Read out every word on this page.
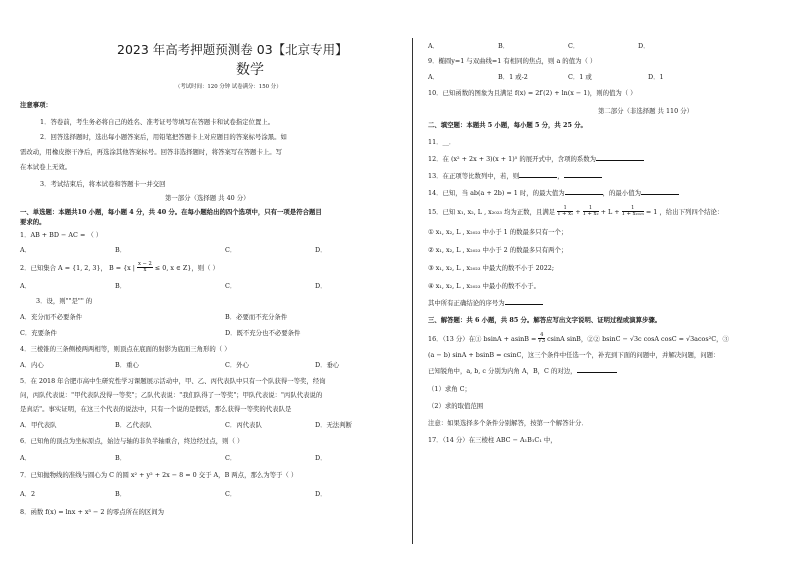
2023 年高考押题预测卷 03【北京专用】
数学
（考试时间：120 分钟 试卷满分：150 分）
注意事项：
1．答卷前，考生务必将自己的姓名、准考证号等填写在答题卡和试卷指定位置上。
2．回答选择题时，选出每小题答案后，用铅笔把答题卡上对应题目的答案标号涂黑。如
需改动，用橡皮擦干净后，再选涂其他答案标号。回答非选择题时，将答案写在答题卡上。写
在本试卷上无效。
3．考试结束后，将本试卷和答题卡一并交回
第一部分（选择题 共 40 分）
一、单选题：本题共10 小题，每小题 4 分，共 40 分。在每小题给出的四个选项中，只有一项是符合题目
要求的。
1．AB + BD − AC = （ ）
A．	B．	C．	D．
2．已知集合 A = {1, 2, 3}， B = {x | $\frac{x - 2}{x} \le 0$, x ∈ Z}，则（ ）
A．	B．	C．	D．
3．设，则""是"" 的
A．充分而不必要条件	B．必要而不充分条件
C．充要条件	D．既不充分也不必要条件
4．三棱锥的三条侧棱两两相等，则顶点在底面的射影为底面三角形的（ ）
A．内心	B．重心	C．外心	D．垂心
5．在 2018 年合肥市高中生研究性学习课题展示活动中，甲、乙、丙代表队中只有一个队获得一等奖，经询
问，丙队代表说："甲代表队没得一等奖"；乙队代表说："我们队得了一等奖"；甲队代表说："丙队代表说的
是真话"。事实证明，在这三个代表的说法中，只有一个说的是假话，那么获得一等奖的代表队是
A．甲代表队	B．乙代表队	C．丙代表队	D．无法判断
6．已知角的顶点为坐标原点，始边与轴的非负半轴重合，终边经过点，则（ ）
A．	B．	C．	D．
7．已知抛物线的准线与圆心为 C 的圆 x² + y² + 2x − 8 = 0 交于 A，B 两点，那么为等于（ ）
A．2	B．	C．	D．
8．函数 f(x) = lnx + x³ − 2 的零点所在的区间为
A．	B．	C．	D．
9．椭圆y=1 与双曲线=1 有相同的焦点，则 a 的值为（ ）
A．	B．1 或-2	C．1 或	D．1
10．已知函数的图象为且满足 f(x) = 2f′(2) + ln(x − 1)，则的值为（ ）
第二部分（非选择题 共 110 分）
二、填空题：本题共 5 小题，每小题 5 分，共 25 分。
11．__．
12．在 (x² + 2x + 3)(x + 1)⁵ 的展开式中，含项的系数为
13．在正项等比数列中，若，则	，
14．已知，当 ab(a + 2b) = 1 时，的最大值为	，的最小值为
15．已知 x₁, x₂, L , x₂₀₂₃ 均为正数，且满足 $\frac{1}{\text{1 + x₁}} + \frac{1}{\text{1 + x₂}} + L + \frac{1}{\text{1 + x₂₀₂₃}} = 1$ ，给出下列四个结论：
① x₁, x₂, L , x₂₀₂₃ 中小于 1 的数最多只有一个；
② x₁, x₂, L , x₂₀₂₃ 中小于 2 的数最多只有两个；
③ x₁, x₂, L , x₂₀₂₃ 中最大的数不小于 2022;
④ x₁, x₂, L , x₂₀₂₃ 中最小的数不小于。
其中所有正确结论的序号为
三、解答题：共 6 小题，共 85 分。解答应写出文字说明、证明过程或演算步骤。
16．（13 分）在① $bsinA + asinB = \frac{4}{√3}$ csinA sinB，②② bsinC − √3c cosA cosC = √3acos²C，③
(a − b) sinA + bsinB = csinC，这三个条件中任选一个，补充到下面的问题中，并解决问题，问题：
已知锐角中，a, b, c 分别为内角 A，B，C 的对边，
（1）求角 C；
（2）求的取值范围
注意：如果选择多个条件分别解答，按第一个解答计分．
17．（14 分）在三棱柱 ABC − A₁B₁C₁ 中，
